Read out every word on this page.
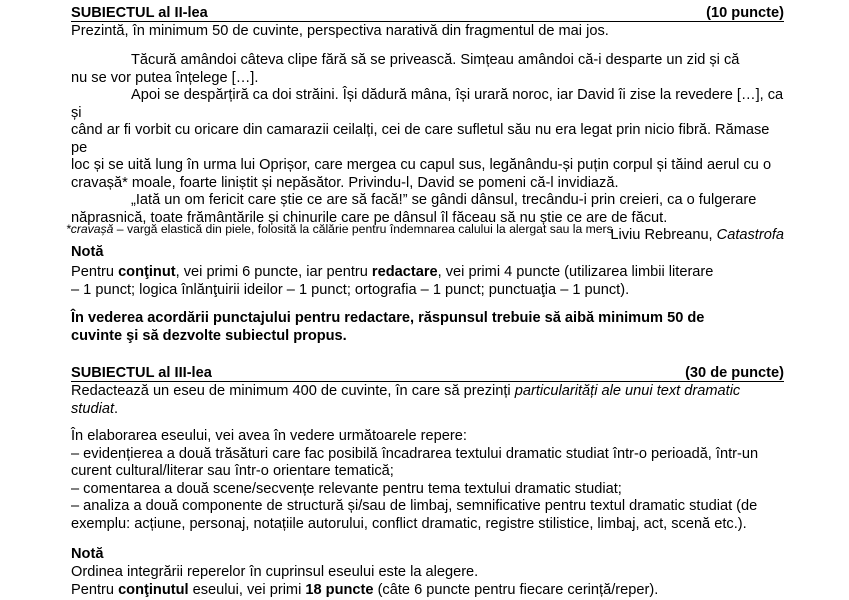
SUBIECTUL al II-lea	(10 puncte)
Prezintă, în minimum 50 de cuvinte, perspectiva narativă din fragmentul de mai jos.
Tăcură amândoi câteva clipe fără să se privească. Simțeau amândoi că-i desparte un zid și că
nu se vor putea înțelege […].
Apoi se despărțiră ca doi străini. Își dădură mâna, își urară noroc, iar David îi zise la revedere […], ca și
când ar fi vorbit cu oricare din camarazii ceilalți, cei de care sufletul său nu era legat prin nicio fibră. Rămase pe
loc și se uită lung în urma lui Oprișor, care mergea cu capul sus, legănându-și puțin corpul și tăind aerul cu o
cravașă* moale, foarte liniștit și nepăsător. Privindu-l, David se pomeni că-l invidiază.
„Iată un om fericit care știe ce are să facă!” se gândi dânsul, trecându-i prin creieri, ca o fulgerare
năprasnică, toate frământările și chinurile care pe dânsul îl făceau să nu știe ce are de făcut.
Liviu Rebreanu, Catastrofa
*cravașă – vargă elastică din piele, folosită la călărie pentru îndemnarea calului la alergat sau la mers
Notă
Pentru conţinut, vei primi 6 puncte, iar pentru redactare, vei primi 4 puncte (utilizarea limbii literare
– 1 punct; logica înlănţuirii ideilor – 1 punct; ortografia – 1 punct; punctuaţia – 1 punct).
În vederea acordării punctajului pentru redactare, răspunsul trebuie să aibă minimum 50 de
cuvinte şi să dezvolte subiectul propus.
SUBIECTUL al III-lea	(30 de puncte)
Redactează un eseu de minimum 400 de cuvinte, în care să prezinți particularități ale unui text dramatic
studiat.
În elaborarea eseului, vei avea în vedere următoarele repere:
– evidențierea a două trăsături care fac posibilă încadrarea textului dramatic studiat într-o perioadă, într-un
curent cultural/literar sau într-o orientare tematică;
– comentarea a două scene/secvențe relevante pentru tema textului dramatic studiat;
– analiza a două componente de structură și/sau de limbaj, semnificative pentru textul dramatic studiat (de
exemplu: acțiune, personaj, notațiile autorului, conflict dramatic, registre stilistice, limbaj, act, scenă etc.).
Notă
Ordinea integrării reperelor în cuprinsul eseului este la alegere.
Pentru conţinutul eseului, vei primi 18 puncte (câte 6 puncte pentru fiecare cerință/reper).
